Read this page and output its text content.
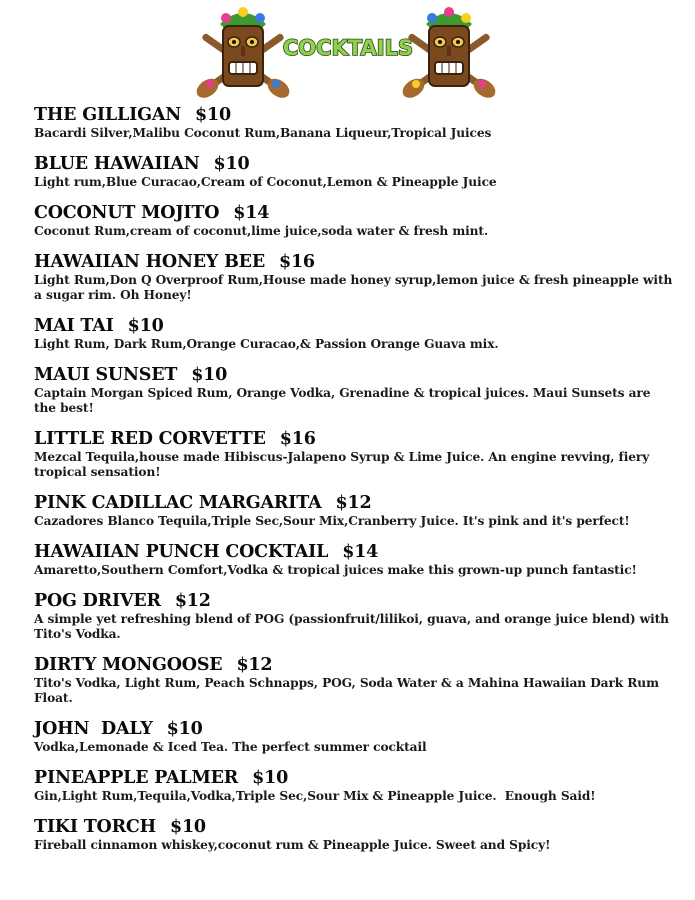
COCKTAILS
THE GILLIGAN $10
Bacardi Silver,Malibu Coconut Rum,Banana Liqueur,Tropical Juices
BLUE HAWAIIAN $10
Light rum,Blue Curacao,Cream of Coconut,Lemon & Pineapple Juice
COCONUT MOJITO $14
Coconut Rum,cream of coconut,lime juice,soda water & fresh mint.
HAWAIIAN HONEY BEE $16
Light Rum,Don Q Overproof Rum,House made honey syrup,lemon juice & fresh pineapple with a sugar rim. Oh Honey!
MAI TAI $10
Light Rum, Dark Rum,Orange Curacao,& Passion Orange Guava mix.
MAUI SUNSET $10
Captain Morgan Spiced Rum, Orange Vodka, Grenadine & tropical juices. Maui Sunsets are the best!
LITTLE RED CORVETTE $16
Mezcal Tequila,house made Hibiscus-Jalapeno Syrup & Lime Juice. An engine revving, fiery tropical sensation!
PINK CADILLAC MARGARITA $12
Cazadores Blanco Tequila,Triple Sec,Sour Mix,Cranberry Juice. It's pink and it's perfect!
HAWAIIAN PUNCH COCKTAIL $14
Amaretto,Southern Comfort,Vodka & tropical juices make this grown-up punch fantastic!
POG DRIVER $12
A simple yet refreshing blend of POG (passionfruit/lilikoi, guava, and orange juice blend) with Tito's Vodka.
DIRTY MONGOOSE $12
Tito's Vodka, Light Rum, Peach Schnapps, POG, Soda Water & a Mahina Hawaiian Dark Rum Float.
JOHN  DALY $10
Vodka,Lemonade & Iced Tea. The perfect summer cocktail
PINEAPPLE PALMER $10
Gin,Light Rum,Tequila,Vodka,Triple Sec,Sour Mix & Pineapple Juice.  Enough Said!
TIKI TORCH $10
Fireball cinnamon whiskey,coconut rum & Pineapple Juice. Sweet and Spicy!
